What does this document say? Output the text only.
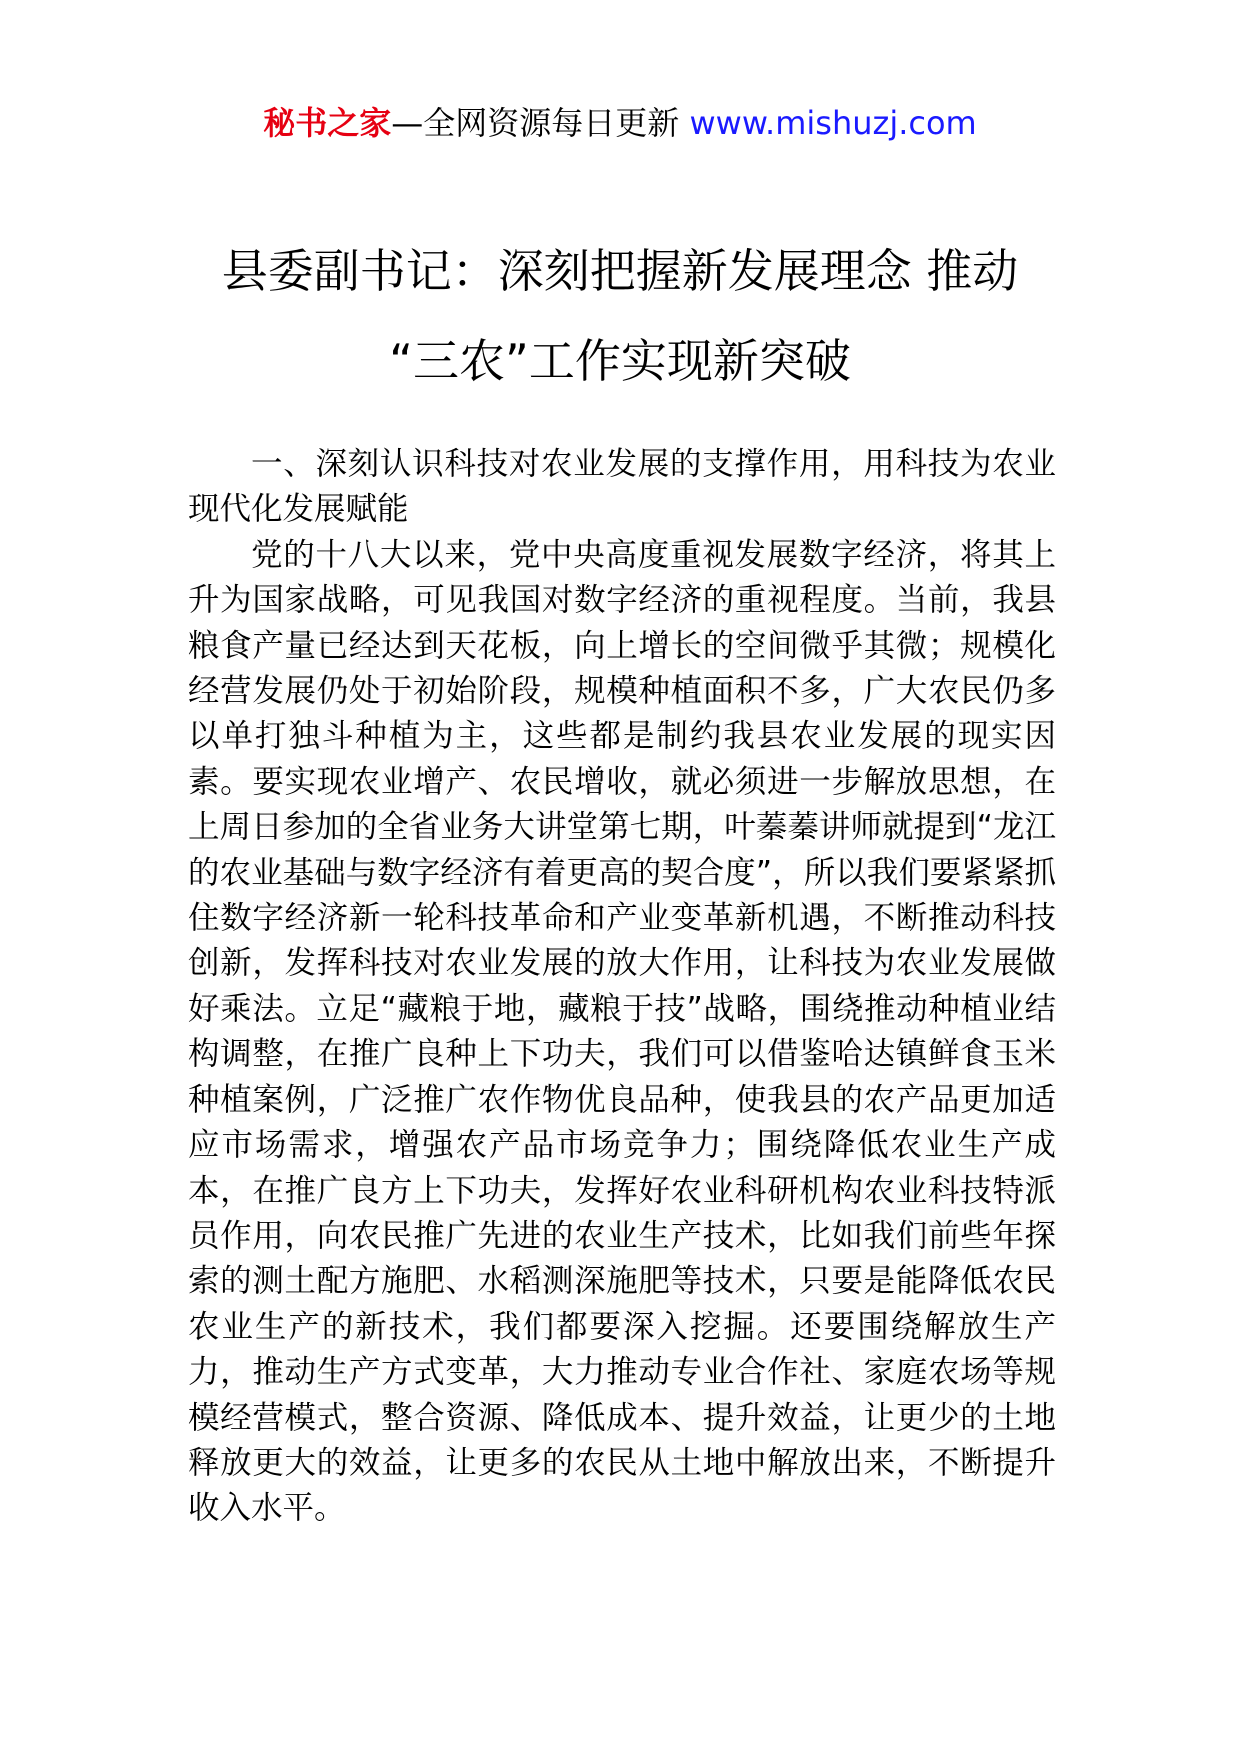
秘书之家—全网资源每日更新 www.mishuzj.com
县委副书记：深刻把握新发展理念 推动
“三农”工作实现新突破

一、深刻认识科技对农业发展的支撑作用，用科技为农业现代化发展赋能

党的十八大以来，党中央高度重视发展数字经济，将其上升为国家战略，可见我国对数字经济的重视程度。当前，我县粮食产量已经达到天花板，向上增长的空间微乎其微；规模化经营发展仍处于初始阶段，规模种植面积不多，广大农民仍多以单打独斗种植为主，这些都是制约我县农业发展的现实因素。要实现农业增产、农民增收，就必须进一步解放思想，在上周日参加的全省业务大讲堂第七期，叶蓁蓁讲师就提到“龙江的农业基础与数字经济有着更高的契合度”，所以我们要紧紧抓住数字经济新一轮科技革命和产业变革新机遇，不断推动科技创新，发挥科技对农业发展的放大作用，让科技为农业发展做好乘法。立足“藏粮于地，藏粮于技”战略，围绕推动种植业结构调整，在推广良种上下功夫，我们可以借鉴哈达镇鲜食玉米种植案例，广泛推广农作物优良品种，使我县的农产品更加适应市场需求，增强农产品市场竞争力；围绕降低农业生产成本，在推广良方上下功夫，发挥好农业科研机构农业科技特派员作用，向农民推广先进的农业生产技术，比如我们前些年探索的测土配方施肥、水稻测深施肥等技术，只要是能降低农民农业生产的新技术，我们都要深入挖掘。还要围绕解放生产力，推动生产方式变革，大力推动专业合作社、家庭农场等规模经营模式，整合资源、降低成本、提升效益，让更少的土地释放更大的效益，让更多的农民从土地中解放出来，不断提升收入水平。
